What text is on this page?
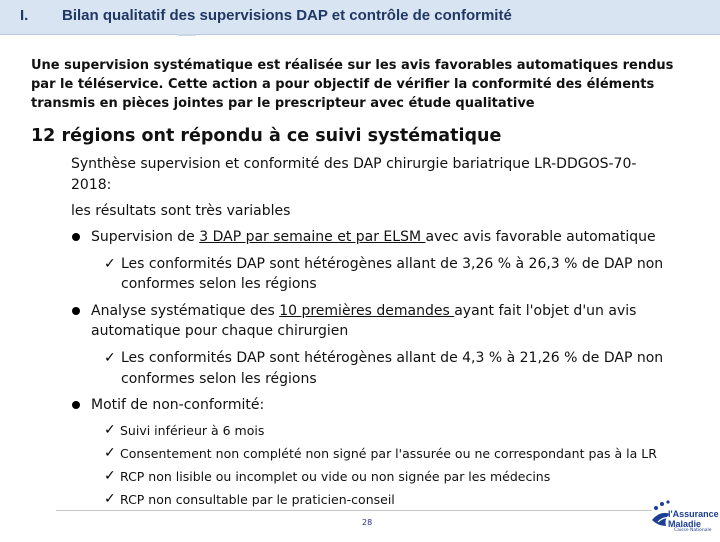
I. Bilan qualitatif des supervisions DAP et contrôle de conformité
Une supervision systématique est réalisée sur les avis favorables automatiques rendus par le téléservice. Cette action a pour objectif de vérifier la conformité des éléments transmis en pièces jointes par le prescripteur avec étude qualitative
12 régions ont répondu à ce suivi systématique
Synthèse supervision et conformité des DAP chirurgie bariatrique LR-DDGOS-70-
2018:
les résultats sont très variables
Supervision de 3 DAP par semaine et par ELSM avec avis favorable automatique
✓ Les conformités DAP sont hétérogènes allant de 3,26 % à 26,3 % de DAP non
conformes selon les régions
Analyse systématique des 10 premières demandes ayant fait l'objet d'un avis
automatique pour chaque chirurgien
✓ Les conformités DAP sont hétérogènes allant de 4,3 % à 21,26 % de DAP non
conformes selon les régions
Motif de non-conformité:
✓ Suivi inférieur à 6 mois
✓ Consentement non complété non signé par l'assurée ou ne correspondant pas à la LR
✓ RCP non lisible ou incomplet ou vide ou non signée par les médecins
✓ RCP non consultable par le praticien-conseil
28
l'Assurance
Maladie
Caisse Nationale
